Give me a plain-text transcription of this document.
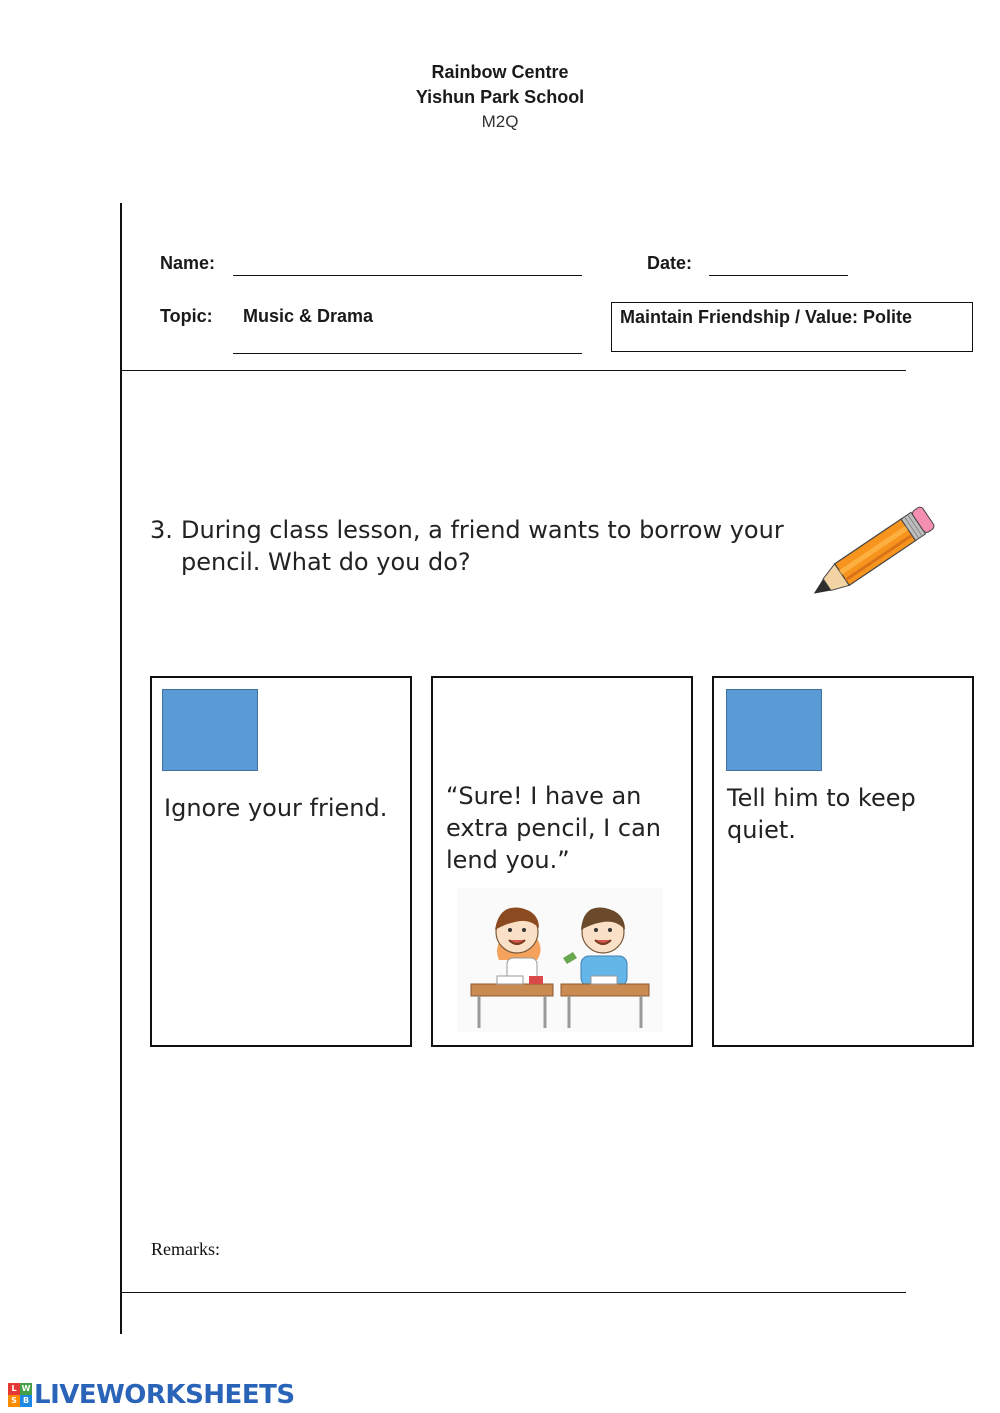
Rainbow Centre
Yishun Park School
M2Q
Name:	Date:
Topic: Music & Drama	Maintain Friendship / Value: Polite
3. During class lesson, a friend wants to borrow your pencil. What do you do?
Ignore your friend. “Sure! I have an extra pencil, I can lend you.”
Tell him to keep quiet.
Remarks:
L W
S B LIVEWORKSHEETS
